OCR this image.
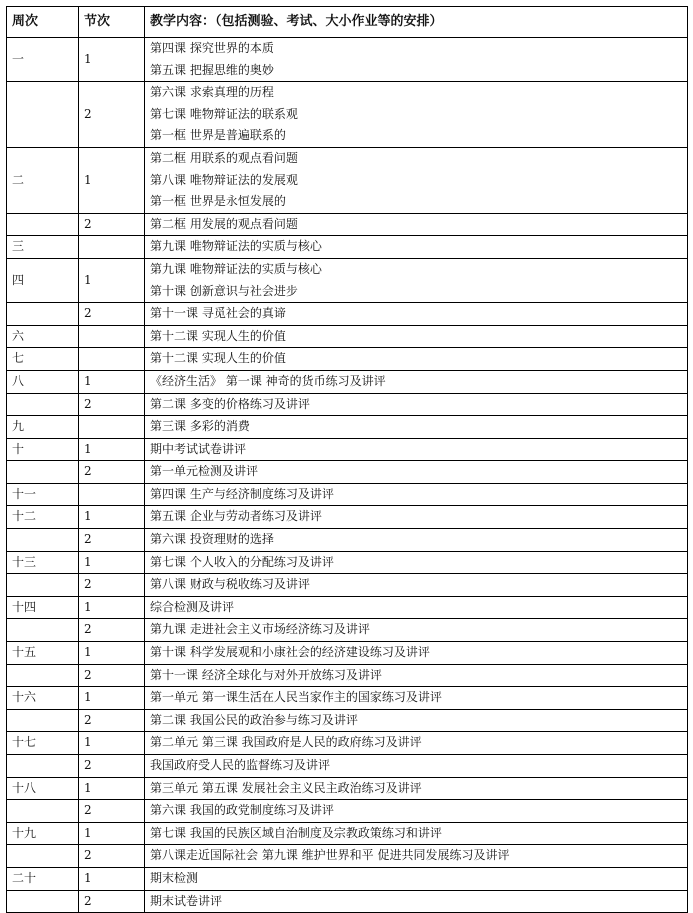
周次	节次	教学内容：（包括测验、考试、大小作业等的安排）
一	1	第四课 探究世界的本质
第五课 把握思维的奥妙

	2	第六课 求索真理的历程
第七课 唯物辩证法的联系观
第一框 世界是普遍联系的

二	1	第二框 用联系的观点看问题
第八课 唯物辩证法的发展观
第一框 世界是永恒发展的

	2	第二框 用发展的观点看问题

三		第九课 唯物辩证法的实质与核心

四	1	第九课 唯物辩证法的实质与核心
第十课 创新意识与社会进步

	2	第十一课 寻觅社会的真谛

六		第十二课 实现人生的价值

七		第十二课 实现人生的价值

八	1	《经济生活》 第一课 神奇的货币练习及讲评

	2	第二课 多变的价格练习及讲评

九		第三课 多彩的消费

十	1	期中考试试卷讲评

	2	第一单元检测及讲评

十一		第四课 生产与经济制度练习及讲评

十二	1	第五课 企业与劳动者练习及讲评

	2	第六课 投资理财的选择

十三	1	第七课 个人收入的分配练习及讲评

	2	第八课 财政与税收练习及讲评

十四	1	综合检测及讲评

	2	第九课 走进社会主义市场经济练习及讲评

十五	1	第十课 科学发展观和小康社会的经济建设练习及讲评

	2	第十一课 经济全球化与对外开放练习及讲评

十六	1	第一单元 第一课生活在人民当家作主的国家练习及讲评

	2	第二课 我国公民的政治参与练习及讲评

十七	1	第二单元 第三课 我国政府是人民的政府练习及讲评

	2	我国政府受人民的监督练习及讲评

十八	1	第三单元 第五课 发展社会主义民主政治练习及讲评

	2	第六课 我国的政党制度练习及讲评

十九	1	第七课 我国的民族区域自治制度及宗教政策练习和讲评

	2	第八课走近国际社会 第九课 维护世界和平 促进共同发展练习及讲评

二十	1	期末检测

	2	期末试卷讲评
